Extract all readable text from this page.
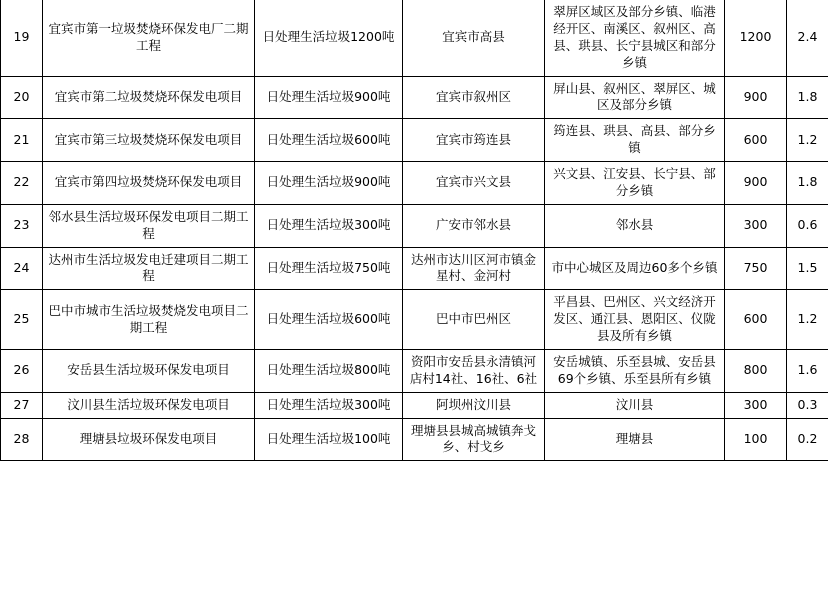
19	宜宾市第一垃圾焚烧环保发电厂二期工程	日处理生活垃圾1200吨	宜宾市高县	翠屏区域区及部分乡镇、临港经开区、南溪区、叙州区、高县、珙县、长宁县城区和部分乡镇	1200	2.4
20	宜宾市第二垃圾焚烧环保发电项目	日处理生活垃圾900吨	宜宾市叙州区	屏山县、叙州区、翠屏区、城区及部分乡镇	900	1.8
21	宜宾市第三垃圾焚烧环保发电项目	日处理生活垃圾600吨	宜宾市筠连县	筠连县、珙县、高县、部分乡镇	600	1.2
22	宜宾市第四垃圾焚烧环保发电项目	日处理生活垃圾900吨	宜宾市兴文县	兴文县、江安县、长宁县、部分乡镇	900	1.8
23	邻水县生活垃圾环保发电项目二期工程	日处理生活垃圾300吨	广安市邻水县	邻水县	300	0.6
24	达州市生活垃圾发电迁建项目二期工程	日处理生活垃圾750吨	达州市达川区河市镇金星村、金河村	市中心城区及周边60多个乡镇	750	1.5
25	巴中市城市生活垃圾焚烧发电项目二期工程	日处理生活垃圾600吨	巴中市巴州区	平昌县、巴州区、兴文经济开发区、通江县、恩阳区、仪陇县及所有乡镇	600	1.2
26	安岳县生活垃圾环保发电项目	日处理生活垃圾800吨	资阳市安岳县永清镇河店村14社、16社、6社	安岳城镇、乐至县城、安岳县69个乡镇、乐至县所有乡镇	800	1.6
27	汶川县生活垃圾环保发电项目	日处理生活垃圾300吨	阿坝州汶川县	汶川县	300	0.3
28	理塘县垃圾环保发电项目	日处理生活垃圾100吨	理塘县县城高城镇奔戈乡、村戈乡	理塘县	100	0.2
